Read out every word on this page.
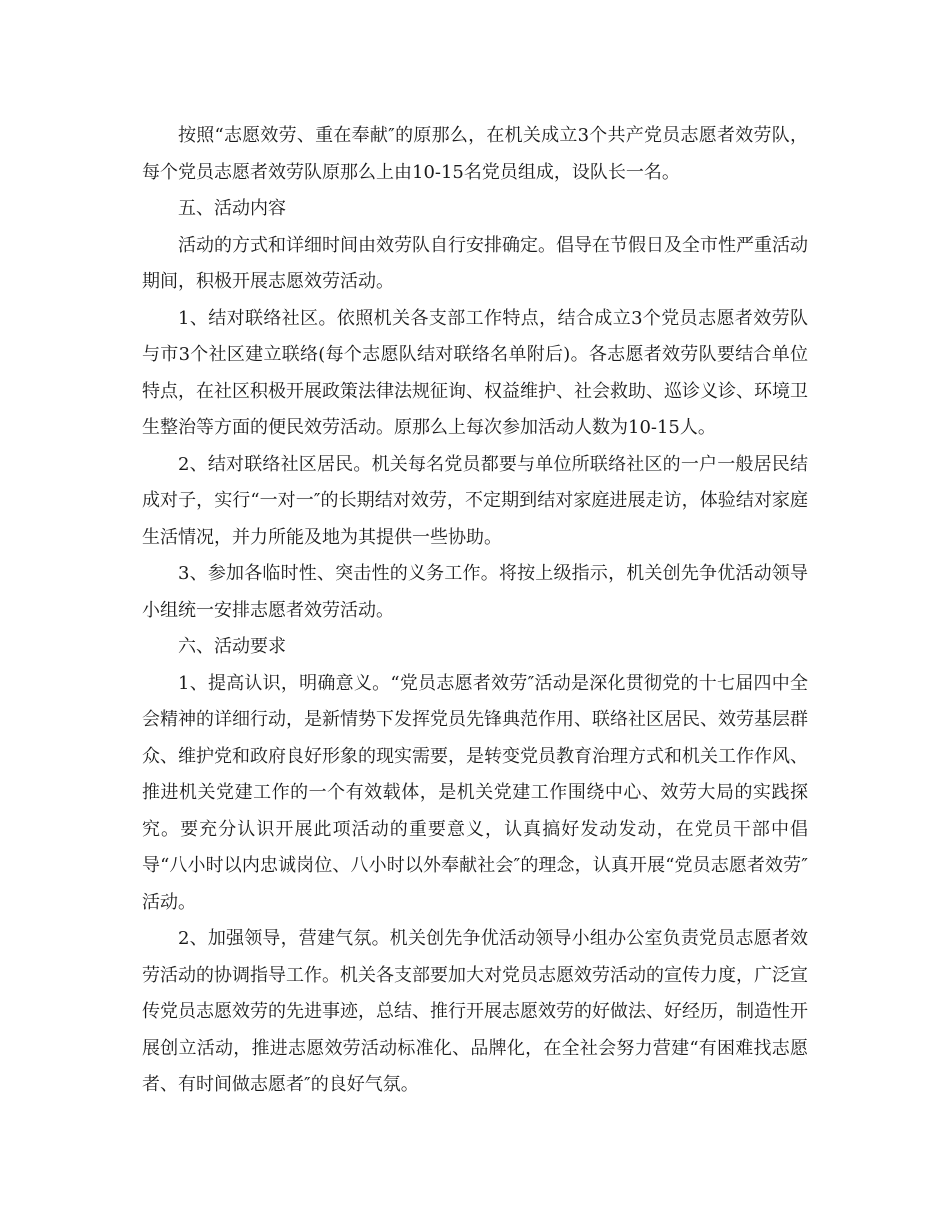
按照“志愿效劳、重在奉献″的原那么，在机关成立3个共产党员志愿者效劳队，每个党员志愿者效劳队原那么上由10-15名党员组成，设队长一名。

五、活动内容

活动的方式和详细时间由效劳队自行安排确定。倡导在节假日及全市性严重活动期间，积极开展志愿效劳活动。

1、结对联络社区。依照机关各支部工作特点，结合成立3个党员志愿者效劳队与市3个社区建立联络(每个志愿队结对联络名单附后)。各志愿者效劳队要结合单位特点，在社区积极开展政策法律法规征询、权益维护、社会救助、巡诊义诊、环境卫生整治等方面的便民效劳活动。原那么上每次参加活动人数为10-15人。

2、结对联络社区居民。机关每名党员都要与单位所联络社区的一户一般居民结成对子，实行“一对一″的长期结对效劳，不定期到结对家庭进展走访，体验结对家庭生活情况，并力所能及地为其提供一些协助。

3、参加各临时性、突击性的义务工作。将按上级指示，机关创先争优活动领导小组统一安排志愿者效劳活动。

六、活动要求

1、提高认识，明确意义。“党员志愿者效劳″活动是深化贯彻党的十七届四中全会精神的详细行动，是新情势下发挥党员先锋典范作用、联络社区居民、效劳基层群众、维护党和政府良好形象的现实需要，是转变党员教育治理方式和机关工作作风、推进机关党建工作的一个有效载体，是机关党建工作围绕中心、效劳大局的实践探究。要充分认识开展此项活动的重要意义，认真搞好发动发动，在党员干部中倡导“八小时以内忠诚岗位、八小时以外奉献社会″的理念，认真开展“党员志愿者效劳″活动。

2、加强领导，营建气氛。机关创先争优活动领导小组办公室负责党员志愿者效劳活动的协调指导工作。机关各支部要加大对党员志愿效劳活动的宣传力度，广泛宣传党员志愿效劳的先进事迹，总结、推行开展志愿效劳的好做法、好经历，制造性开展创立活动，推进志愿效劳活动标准化、品牌化，在全社会努力营建“有困难找志愿者、有时间做志愿者″的良好气氛。
